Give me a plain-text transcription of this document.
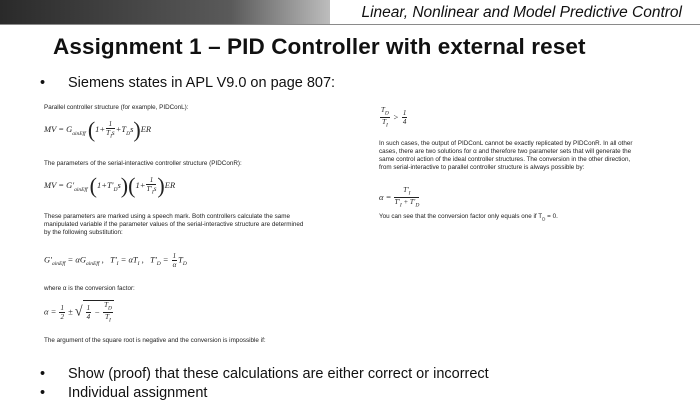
Linear, Nonlinear and Model Predictive Control
Assignment 1 – PID Controller with external reset
• Siemens states in APL V9.0 on page 807:
Parallel controller structure (for example, PIDConL):
MV = $G_{ainEff}$ $(1+ \frac{1}{T_Is} +T_Ds)ER$
The parameters of the serial-interactive controller structure (PIDConR):
MV = $G'_{ainEff}$ $(1+T'_Ds)(1+ \frac{1}{T'_Is} )ER$
These parameters are marked using a speech mark. Both controllers calculate the same
manipulated variable if the parameter values of the serial-interactive structure are determined
by the following substitution:
$G'_{ainEff} = \alpha G_{ainEff}$ ,   $T'_I = \alpha T_I$ ,   $T'_D = \frac{1}{\alpha} T_D$
where α is the conversion factor:
$\alpha = \frac{1}{2}$ ± √ $\frac{1}{4} - \frac{T_D}{T_I}$
The argument of the square root is negative and the conversion is impossible if:
$\frac{T_D}{T_I} > \frac{1}{4}$
In such cases, the output of PIDConL cannot be exactly replicated by PIDConR. In all other
cases, there are two solutions for α and therefore two parameter sets that will generate the
same control action of the ideal controller structures. The conversion in the other direction,
from serial-interactive to parallel controller structure is always possible by:
$\alpha = \frac{T'_I}{T'_I + T'_D}$
You can see that the conversion factor only equals one if $T_D = 0$.
• Show (proof) that these calculations are either correct or incorrect
• Individual assignment
